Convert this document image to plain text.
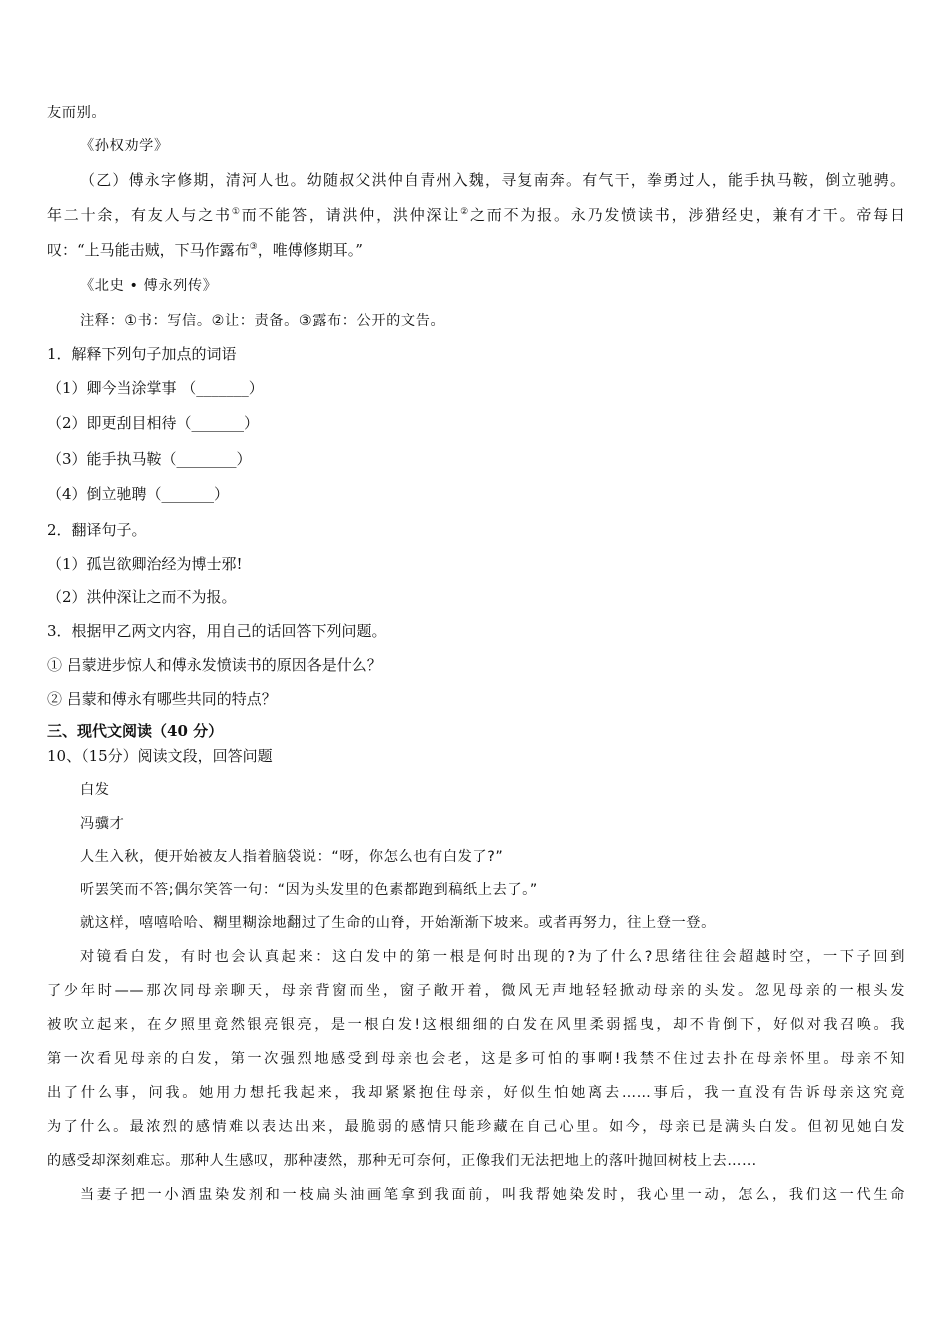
友而别。
《孙权劝学》
（乙）傅永字修期，清河人也。幼随叔父洪仲自青州入魏，寻复南奔。有气干，拳勇过人，能手执马鞍，倒立驰骋。
年二十余，有友人与之书①而不能答，请洪仲，洪仲深让②之而不为报。永乃发愤读书，涉猎经史，兼有才干。帝每日
叹：“上马能击贼，下马作露布③，唯傅修期耳。”
《北史 • 傅永列传》
注释：①书：写信。②让：责备。③露布：公开的文告。
1．解释下列句子加点的词语
（1）卿今当涂掌事 （_______）
（2）即更刮目相待（_______）
（3）能手执马鞍（________）
（4）倒立驰聘（_______）
2．翻译句子。
（1）孤岂欲卿治经为博士邪!
（2）洪仲深让之而不为报。
3．根据甲乙两文内容，用自己的话回答下列问题。
① 吕蒙进步惊人和傅永发愤读书的原因各是什么？
② 吕蒙和傅永有哪些共同的特点？
三、现代文阅读（40 分）
10、（15分）阅读文段，回答问题
白发
冯骥才
人生入秋，便开始被友人指着脑袋说：“呀，你怎么也有白发了?”
听罢笑而不答;偶尔笑答一句：“因为头发里的色素都跑到稿纸上去了。”
就这样，嘻嘻哈哈、糊里糊涂地翻过了生命的山脊，开始渐渐下坡来。或者再努力，往上登一登。
对镜看白发，有时也会认真起来：这白发中的第一根是何时出现的?为了什么?思绪往往会超越时空，一下子回到
了少年时——那次同母亲聊天，母亲背窗而坐，窗子敞开着，微风无声地轻轻掀动母亲的头发。忽见母亲的一根头发
被吹立起来，在夕照里竟然银亮银亮，是一根白发!这根细细的白发在风里柔弱摇曳，却不肯倒下，好似对我召唤。我
第一次看见母亲的白发，第一次强烈地感受到母亲也会老，这是多可怕的事啊!我禁不住过去扑在母亲怀里。母亲不知
出了什么事，问我。她用力想托我起来，我却紧紧抱住母亲，好似生怕她离去……事后，我一直没有告诉母亲这究竟
为了什么。最浓烈的感情难以表达出来，最脆弱的感情只能珍藏在自己心里。如今，母亲已是满头白发。但初见她白发
的感受却深刻难忘。那种人生感叹，那种凄然，那种无可奈何，正像我们无法把地上的落叶抛回树枝上去……
当妻子把一小酒盅染发剂和一枝扁头油画笔拿到我面前，叫我帮她染发时，我心里一动，怎么，我们这一代生命
